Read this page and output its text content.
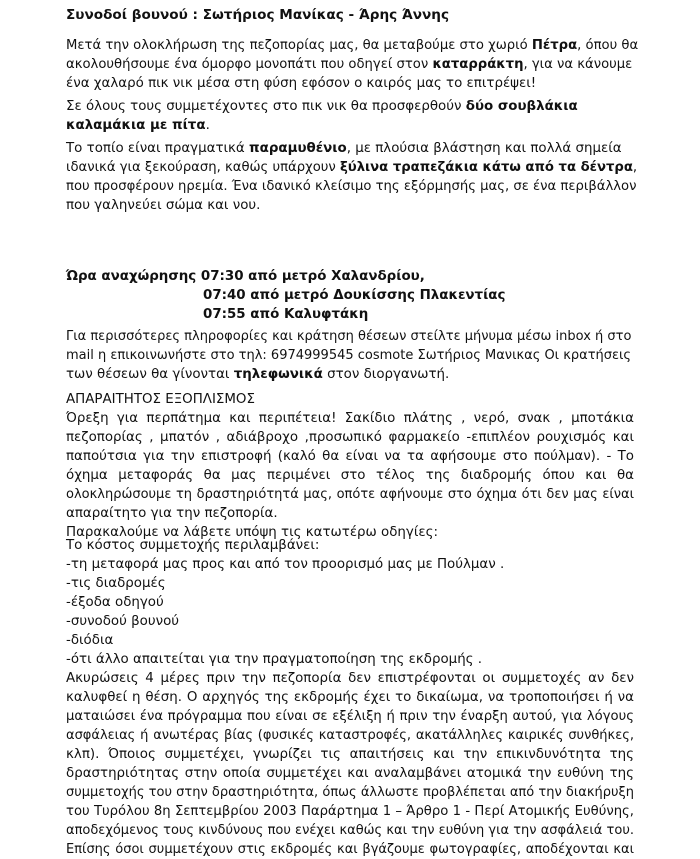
Συνοδοί βουνού : Σωτήριος Μανίκας - Άρης Άννης
Μετά την ολοκλήρωση της πεζοπορίας μας, θα μεταβούμε στο χωριό Πέτρα, όπου θα
ακολουθήσουμε ένα όμορφο μονοπάτι που οδηγεί στον καταρράκτη, για να κάνουμε
ένα χαλαρό πικ νικ μέσα στη φύση εφόσον ο καιρός μας το επιτρέψει!
Σε όλους τους συμμετέχοντες στο πικ νικ θα προσφερθούν δύο σουβλάκια
καλαμάκια με πίτα.
Το τοπίο είναι πραγματικά παραμυθένιο, με πλούσια βλάστηση και πολλά σημεία
ιδανικά για ξεκούραση, καθώς υπάρχουν ξύλινα τραπεζάκια κάτω από τα δέντρα,
που προσφέρουν ηρεμία. Ένα ιδανικό κλείσιμο της εξόρμησής μας, σε ένα περιβάλλον
που γαληνεύει σώμα και νου.
Ώρα αναχώρησης 07:30 από μετρό Χαλανδρίου,
07:40 από μετρό Δουκίσσης Πλακεντίας
07:55 από Καλυφτάκη
Για περισσότερες πληροφορίες και κράτηση θέσεων στείλτε μήνυμα μέσω inbox ή στο
mail η επικοινωνήστε στο τηλ: 6974999545 cosmote Σωτήριος Μανικας Οι κρατήσεις
των θέσεων θα γίνονται τηλεφωνικά στον διοργανωτή.
ΑΠΑΡΑΙΤΗΤΟΣ ΕΞΟΠΛΙΣΜΟΣ
Όρεξη για περπάτημα και περιπέτεια! Σακίδιο πλάτης , νερό, σνακ , μποτάκια
πεζοπορίας , μπατόν , αδιάβροχο ,προσωπικό φαρμακείο -επιπλέον ρουχισμός και
παπούτσια για την επιστροφή (καλό θα είναι να τα αφήσουμε στο πούλμαν). - Το
όχημα μεταφοράς θα μας περιμένει στο τέλος της διαδρομής όπου και θα
ολοκληρώσουμε τη δραστηριότητά μας, οπότε αφήνουμε στο όχημα ότι δεν μας είναι
απαραίτητο για την πεζοπορία.
Παρακαλούμε να λάβετε υπόψη τις κατωτέρω οδηγίες:
Το κόστος συμμετοχής περιλαμβάνει:
-τη μεταφορά μας προς και από τον προορισμό μας με Πούλμαν .
-τις διαδρομές
-έξοδα οδηγού
-συνοδού βουνού
-διόδια
-ότι άλλο απαιτείται για την πραγματοποίηση της εκδρομής .
Ακυρώσεις 4 μέρες πριν την πεζοπορία δεν επιστρέφονται οι συμμετοχές αν δεν
καλυφθεί η θέση. Ο αρχηγός της εκδρομής έχει το δικαίωμα, να τροποποιήσει ή να
ματαιώσει ένα πρόγραμμα που είναι σε εξέλιξη ή πριν την έναρξη αυτού, για λόγους
ασφάλειας ή ανωτέρας βίας (φυσικές καταστροφές, ακατάλληλες καιρικές συνθήκες,
κλπ). Όποιος συμμετέχει, γνωρίζει τις απαιτήσεις και την επικινδυνότητα της
δραστηριότητας στην οποία συμμετέχει και αναλαμβάνει ατομικά την ευθύνη της
συμμετοχής του στην δραστηριότητα, όπως άλλωστε προβλέπεται από την διακήρυξη
του Τυρόλου 8η Σεπτεμβρίου 2003 Παράρτημα 1 – Άρθρο 1 - Περί Ατομικής Ευθύνης,
αποδεχόμενος τους κινδύνους που ενέχει καθώς και την ευθύνη για την ασφάλειά του.
Επίσης όσοι συμμετέχουν στις εκδρομές και βγάζουμε φωτογραφίες, αποδέχονται και
